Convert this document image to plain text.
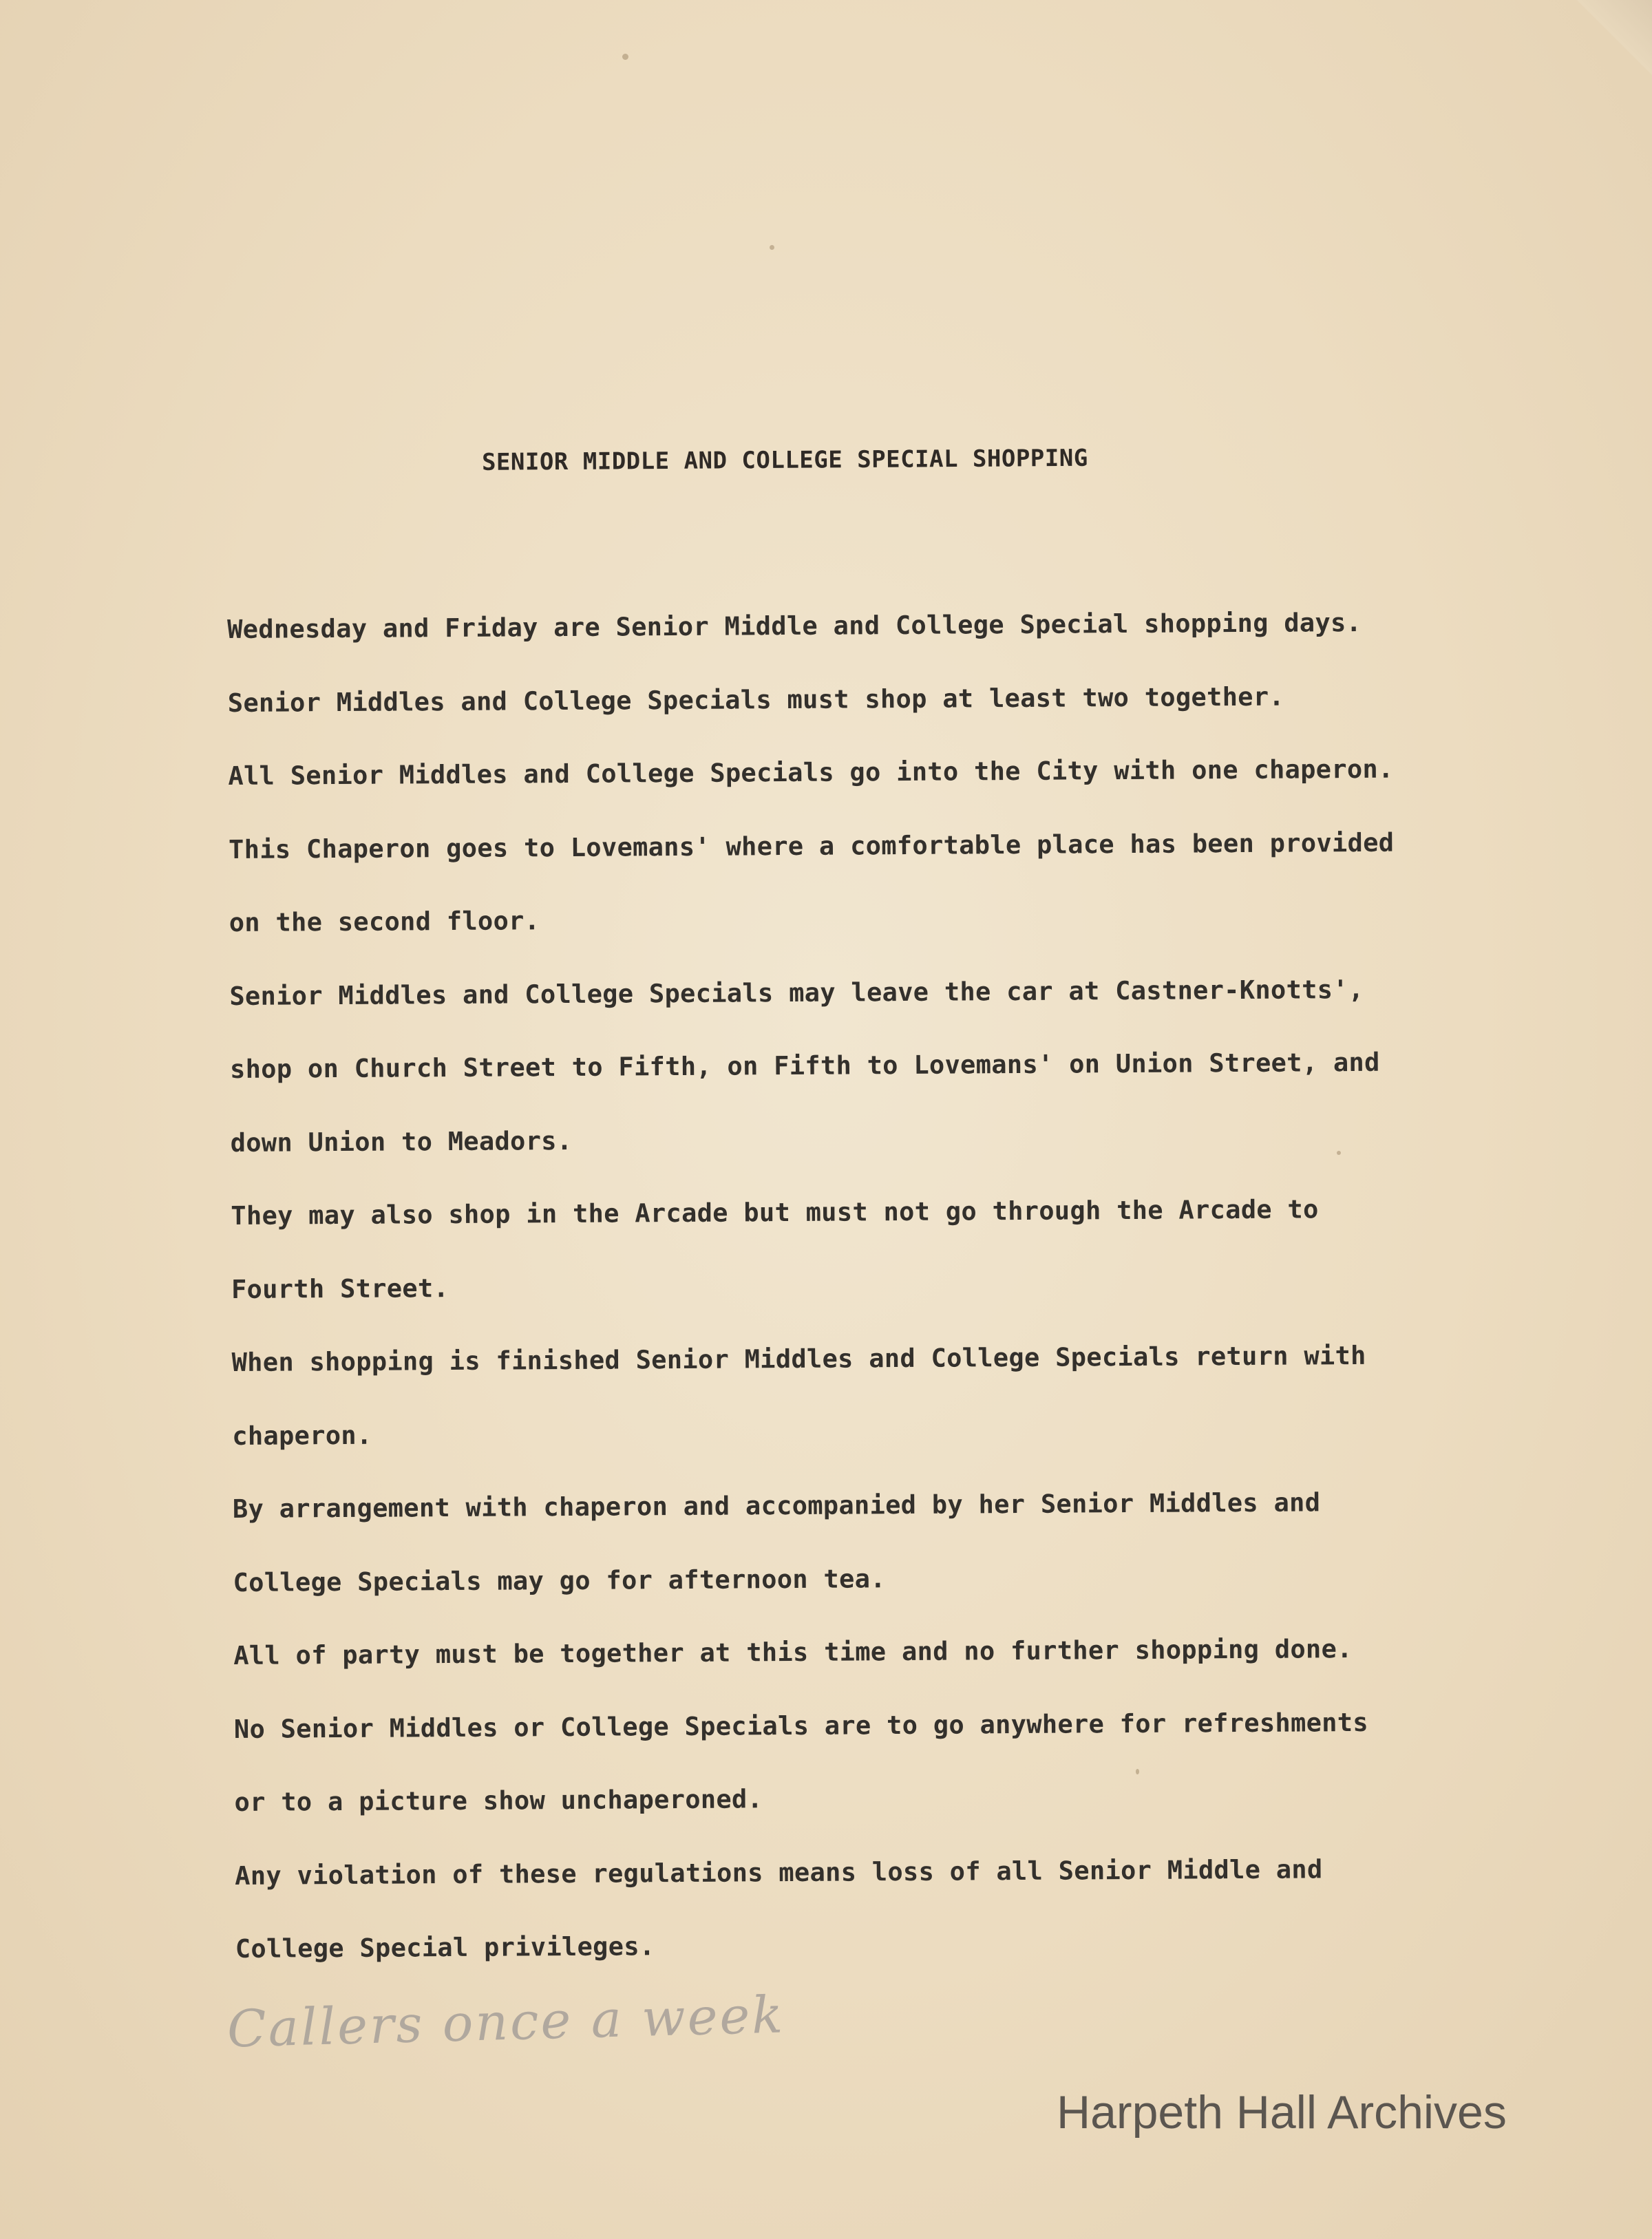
SENIOR MIDDLE AND COLLEGE SPECIAL SHOPPING
Wednesday and Friday are Senior Middle and College Special shopping days.
Senior Middles and College Specials must shop at least two together.
All Senior Middles and College Specials go into the City with one chaperon.
This Chaperon goes to Lovemans' where a comfortable place has been provided
on the second floor.
Senior Middles and College Specials may leave the car at Castner-Knotts',
shop on Church Street to Fifth, on Fifth to Lovemans' on Union Street, and
down Union to Meadors.
They may also shop in the Arcade but must not go through the Arcade to
Fourth Street.
When shopping is finished Senior Middles and College Specials return with
chaperon.
By arrangement with chaperon and accompanied by her Senior Middles and
College Specials may go for afternoon tea.
All of party must be together at this time and no further shopping done.
No Senior Middles or College Specials are to go anywhere for refreshments
or to a picture show unchaperoned.
Any violation of these regulations means loss of all Senior Middle and
College Special privileges.
Callers once a week
Harpeth Hall Archives
